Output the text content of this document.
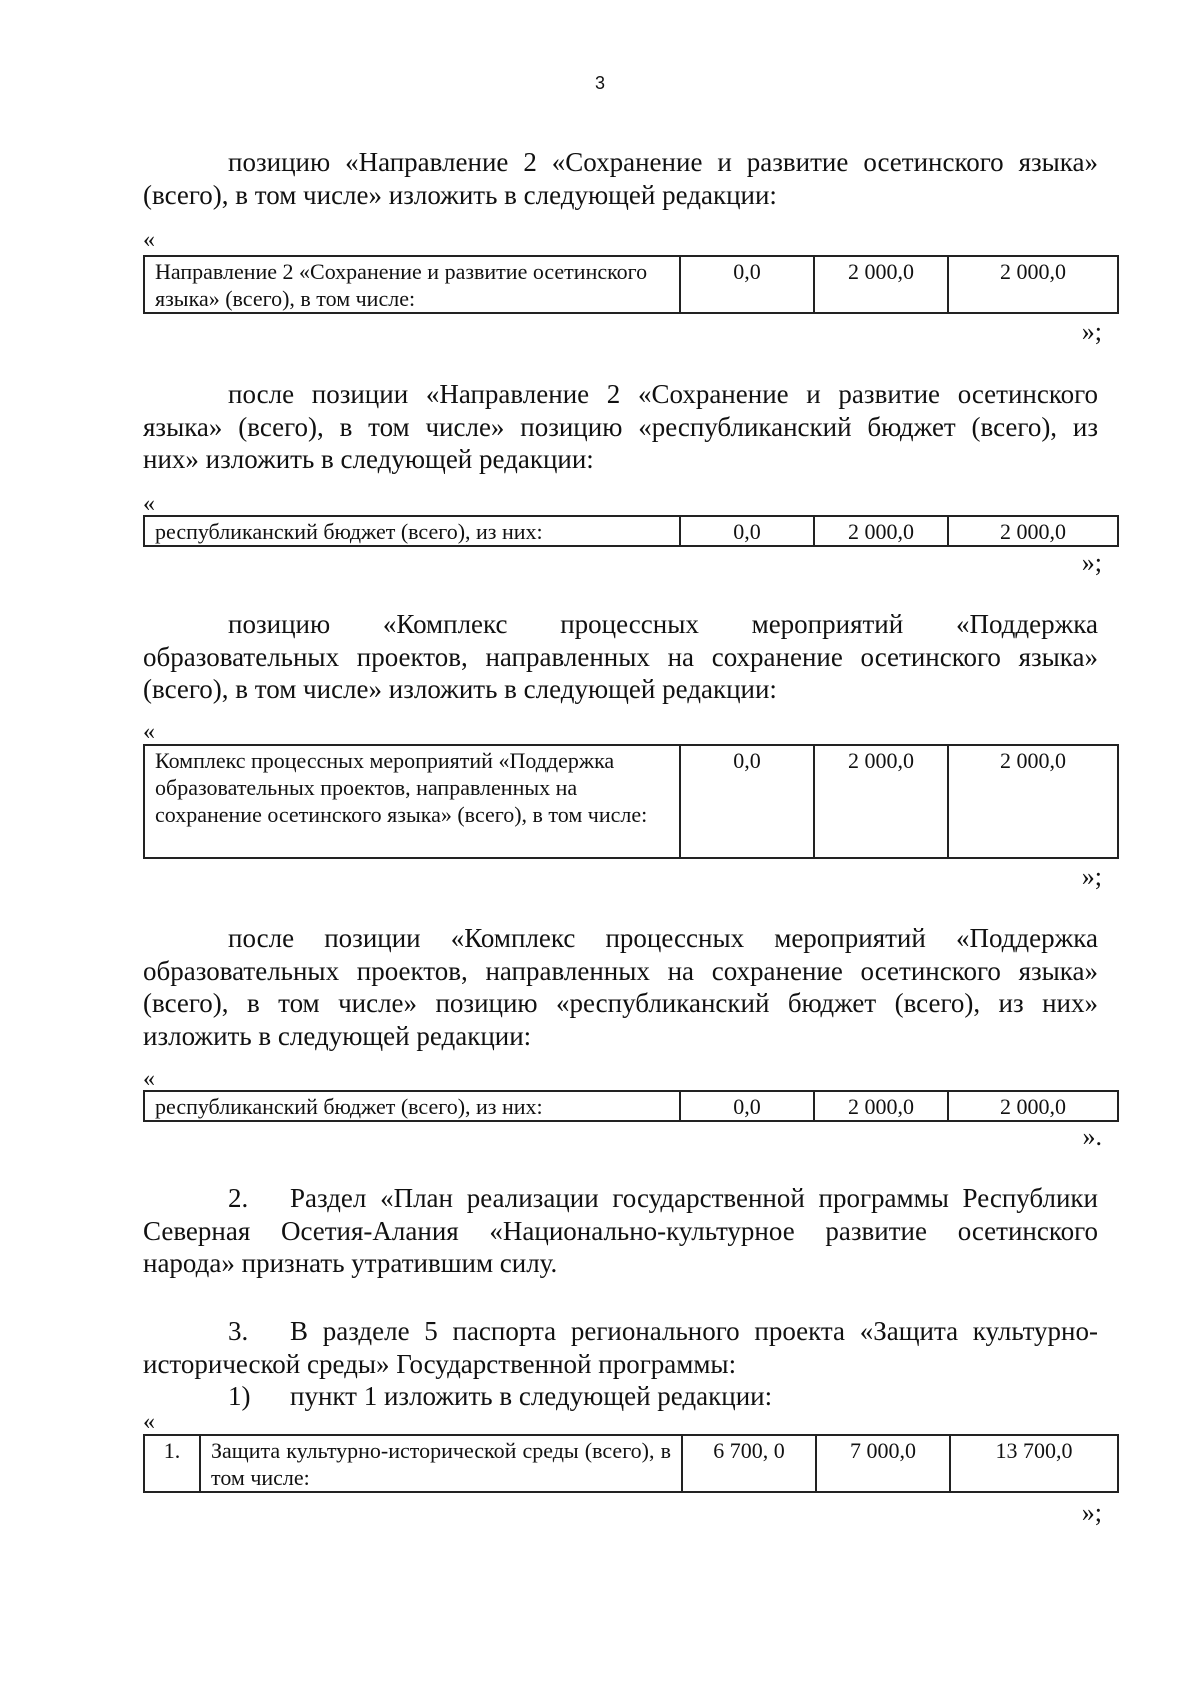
3
позицию «Направление 2 «Сохранение и развитие осетинского языка»
(всего), в том числе» изложить в следующей редакции:
«
Направление 2 «Сохранение и развитие осетинского языка» (всего), в том числе:	0,0	2 000,0	2 000,0
»;
после позиции «Направление 2 «Сохранение и развитие осетинского
языка» (всего), в том числе» позицию «республиканский бюджет (всего), из
них» изложить в следующей редакции:
«
республиканский бюджет (всего), из них:	0,0	2 000,0	2 000,0
»;
позицию «Комплекс процессных мероприятий «Поддержка
образовательных проектов, направленных на сохранение осетинского языка»
(всего), в том числе» изложить в следующей редакции:
«
Комплекс процессных мероприятий «Поддержка образовательных проектов, направленных на сохранение осетинского языка» (всего), в том числе:	0,0	2 000,0	2 000,0
»;
после позиции «Комплекс процессных мероприятий «Поддержка
образовательных проектов, направленных на сохранение осетинского языка»
(всего), в том числе» позицию «республиканский бюджет (всего), из них»
изложить в следующей редакции:
«
республиканский бюджет (всего), из них:	0,0	2 000,0	2 000,0
».
2. Раздел «План реализации государственной программы Республики
Северная Осетия-Алания «Национально-культурное развитие осетинского
народа» признать утратившим силу.
3. В разделе 5 паспорта регионального проекта «Защита культурно-
исторической среды» Государственной программы:
1) пункт 1 изложить в следующей редакции:
«
1.	Защита культурно-исторической среды (всего), в том числе:	6 700, 0	7 000,0	13 700,0
»;
